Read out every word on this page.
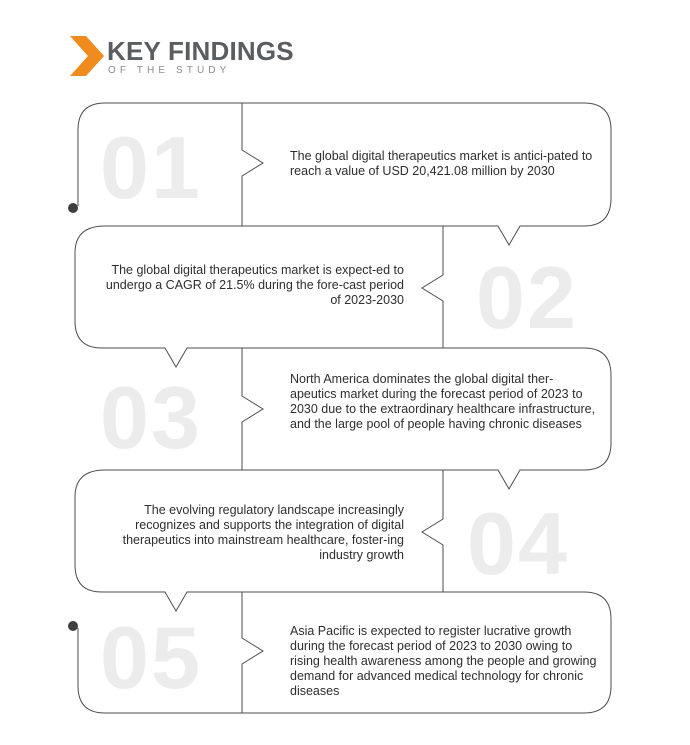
KEY FINDINGS
OF THE STUDY
01
02
03
04
05
The global digital therapeutics market is antici-pated to reach a value of USD 20,421.08 million by 2030
The global digital therapeutics market is expect-ed to undergo a CAGR of 21.5% during the fore-cast period of 2023-2030
North America dominates the global digital ther-apeutics market during the forecast period of 2023 to 2030 due to the extraordinary healthcare infrastructure, and the large pool of people having chronic diseases
The evolving regulatory landscape increasingly recognizes and supports the integration of digital therapeutics into mainstream healthcare, foster-ing industry growth
Asia Pacific is expected to register lucrative growth during the forecast period of 2023 to 2030 owing to rising health awareness among the people and growing demand for advanced medical technology for chronic diseases
